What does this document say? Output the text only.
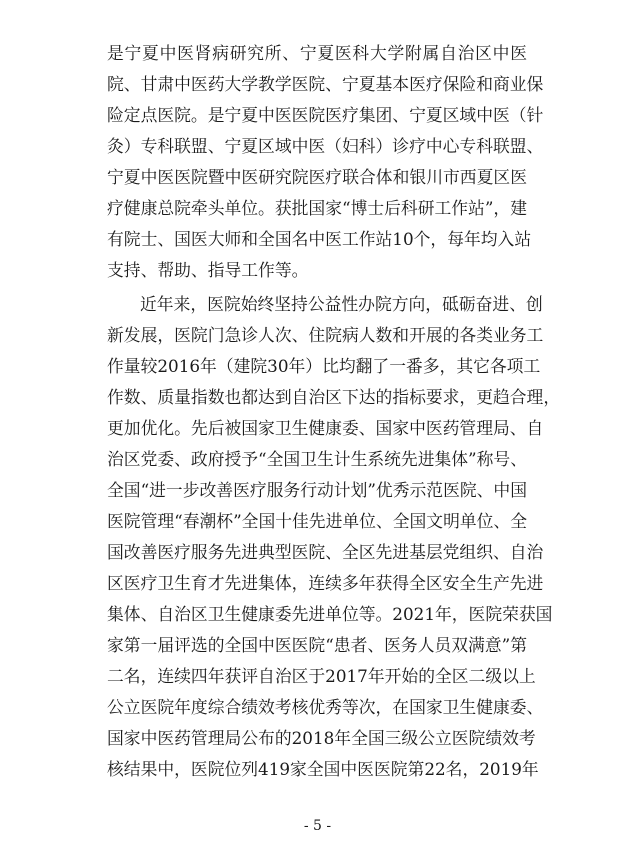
是宁夏中医肾病研究所、宁夏医科大学附属自治区中医
院、甘肃中医药大学教学医院、宁夏基本医疗保险和商业保
险定点医院。是宁夏中医医院医疗集团、宁夏区域中医（针
灸）专科联盟、宁夏区域中医（妇科）诊疗中心专科联盟、
宁夏中医医院暨中医研究院医疗联合体和银川市西夏区医
疗健康总院牵头单位。获批国家“博士后科研工作站”，建
有院士、国医大师和全国名中医工作站10个，每年均入站
支持、帮助、指导工作等。
近年来，医院始终坚持公益性办院方向，砥砺奋进、创
新发展，医院门急诊人次、住院病人数和开展的各类业务工
作量较2016年（建院30年）比均翻了一番多，其它各项工
作数、质量指数也都达到自治区下达的指标要求，更趋合理，
更加优化。先后被国家卫生健康委、国家中医药管理局、自
治区党委、政府授予“全国卫生计生系统先进集体”称号、
全国“进一步改善医疗服务行动计划”优秀示范医院、中国
医院管理“春潮杯”全国十佳先进单位、全国文明单位、全
国改善医疗服务先进典型医院、全区先进基层党组织、自治
区医疗卫生育才先进集体，连续多年获得全区安全生产先进
集体、自治区卫生健康委先进单位等。2021年，医院荣获国
家第一届评选的全国中医医院“患者、医务人员双满意”第
二名，连续四年获评自治区于2017年开始的全区二级以上
公立医院年度综合绩效考核优秀等次，在国家卫生健康委、
国家中医药管理局公布的2018年全国三级公立医院绩效考
核结果中，医院位列419家全国中医医院第22名，2019年
- 5 -
